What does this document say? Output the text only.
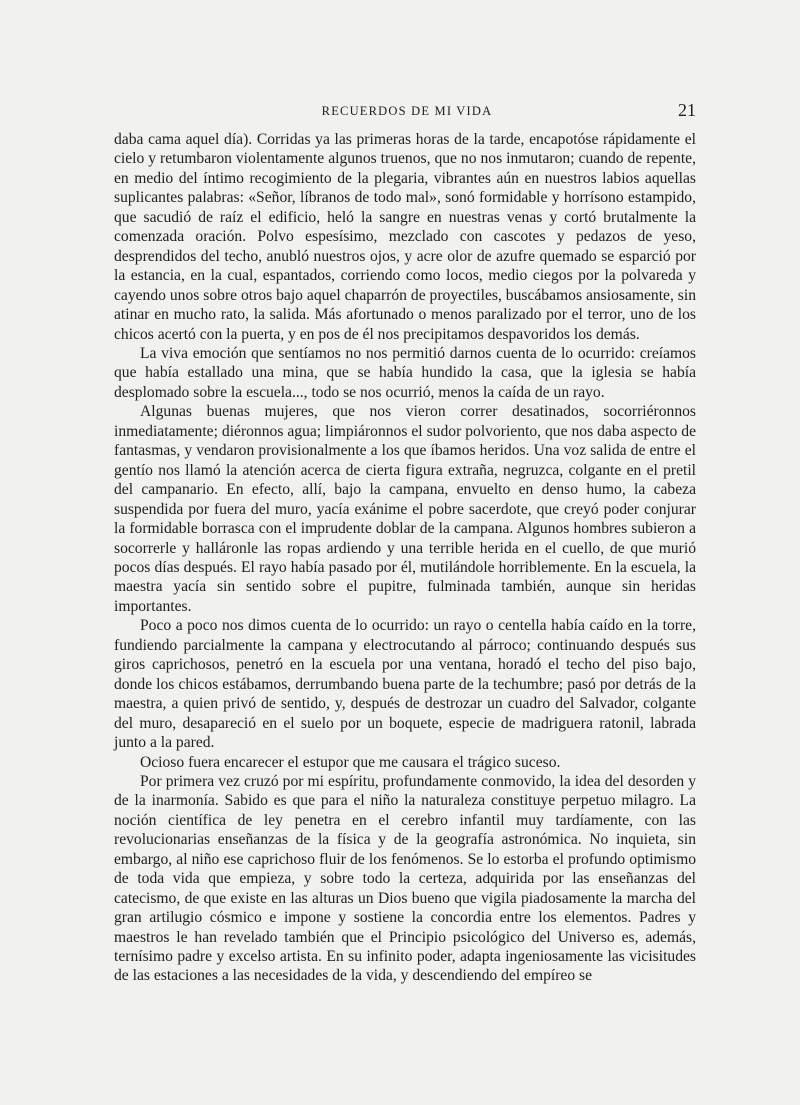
RECUERDOS DE MI VIDA	21

daba cama aquel día). Corridas ya las primeras horas de la tarde, encapotóse rápidamente el cielo y retumbaron violentamente algunos truenos, que no nos inmutaron; cuando de repente, en medio del íntimo recogimiento de la plegaria, vibrantes aún en nuestros labios aquellas suplicantes palabras: «Señor, líbranos de todo mal», sonó formidable y horrísono estampido, que sacudió de raíz el edificio, heló la sangre en nuestras venas y cortó brutalmente la comenzada oración. Polvo espesísimo, mezclado con cascotes y pedazos de yeso, desprendidos del techo, anubló nuestros ojos, y acre olor de azufre quemado se esparció por la estancia, en la cual, espantados, corriendo como locos, medio ciegos por la polvareda y cayendo unos sobre otros bajo aquel chaparrón de proyectiles, buscábamos ansiosamente, sin atinar en mucho rato, la salida. Más afortunado o menos paralizado por el terror, uno de los chicos acertó con la puerta, y en pos de él nos precipitamos despavoridos los demás.

La viva emoción que sentíamos no nos permitió darnos cuenta de lo ocurrido: creíamos que había estallado una mina, que se había hundido la casa, que la iglesia se había desplomado sobre la escuela..., todo se nos ocurrió, menos la caída de un rayo.

Algunas buenas mujeres, que nos vieron correr desatinados, socorriéronnos inmediatamente; diéronnos agua; limpiáronnos el sudor polvoriento, que nos daba aspecto de fantasmas, y vendaron provisionalmente a los que íbamos heridos. Una voz salida de entre el gentío nos llamó la atención acerca de cierta figura extraña, negruzca, colgante en el pretil del campanario. En efecto, allí, bajo la campana, envuelto en denso humo, la cabeza suspendida por fuera del muro, yacía exánime el pobre sacerdote, que creyó poder conjurar la formidable borrasca con el imprudente doblar de la campana. Algunos hombres subieron a socorrerle y halláronle las ropas ardiendo y una terrible herida en el cuello, de que murió pocos días después. El rayo había pasado por él, mutilándole horriblemente. En la escuela, la maestra yacía sin sentido sobre el pupitre, fulminada también, aunque sin heridas importantes.

Poco a poco nos dimos cuenta de lo ocurrido: un rayo o centella había caído en la torre, fundiendo parcialmente la campana y electrocutando al párroco; continuando después sus giros caprichosos, penetró en la escuela por una ventana, horadó el techo del piso bajo, donde los chicos estábamos, derrumbando buena parte de la techumbre; pasó por detrás de la maestra, a quien privó de sentido, y, después de destrozar un cuadro del Salvador, colgante del muro, desapareció en el suelo por un boquete, especie de madriguera ratonil, labrada junto a la pared.

Ocioso fuera encarecer el estupor que me causara el trágico suceso.

Por primera vez cruzó por mi espíritu, profundamente conmovido, la idea del desorden y de la inarmonía. Sabido es que para el niño la naturaleza constituye perpetuo milagro. La noción científica de ley penetra en el cerebro infantil muy tardíamente, con las revolucionarias enseñanzas de la física y de la geografía astronómica. No inquieta, sin embargo, al niño ese caprichoso fluir de los fenómenos. Se lo estorba el profundo optimismo de toda vida que empieza, y sobre todo la certeza, adquirida por las enseñanzas del catecismo, de que existe en las alturas un Dios bueno que vigila piadosamente la marcha del gran artilugio cósmico e impone y sostiene la concordia entre los elementos. Padres y maestros le han revelado también que el Principio psicológico del Universo es, además, ternísimo padre y excelso artista. En su infinito poder, adapta ingeniosamente las vicisitudes de las estaciones a las necesidades de la vida, y descendiendo del empíreo se
